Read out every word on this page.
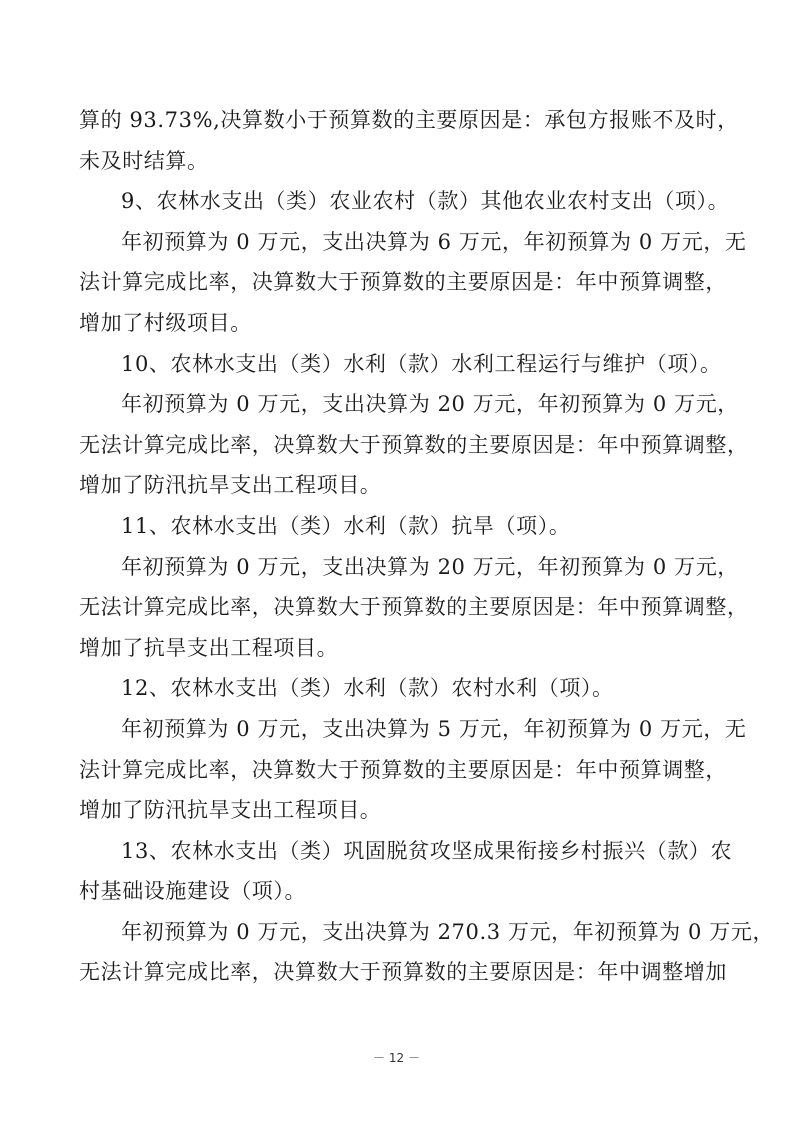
算的 93.73%,决算数小于预算数的主要原因是：承包方报账不及时，
未及时结算。
9、农林水支出（类）农业农村（款）其他农业农村支出（项）。
年初预算为 0 万元，支出决算为 6 万元，年初预算为 0 万元，无
法计算完成比率，决算数大于预算数的主要原因是：年中预算调整，
增加了村级项目。
10、农林水支出（类）水利（款）水利工程运行与维护（项）。
年初预算为 0 万元，支出决算为 20 万元，年初预算为 0 万元，
无法计算完成比率，决算数大于预算数的主要原因是：年中预算调整，
增加了防汛抗旱支出工程项目。
11、农林水支出（类）水利（款）抗旱（项）。
年初预算为 0 万元，支出决算为 20 万元，年初预算为 0 万元，
无法计算完成比率，决算数大于预算数的主要原因是：年中预算调整，
增加了抗旱支出工程项目。
12、农林水支出（类）水利（款）农村水利（项）。
年初预算为 0 万元，支出决算为 5 万元，年初预算为 0 万元，无
法计算完成比率，决算数大于预算数的主要原因是：年中预算调整，
增加了防汛抗旱支出工程项目。
13、农林水支出（类）巩固脱贫攻坚成果衔接乡村振兴（款）农
村基础设施建设（项）。
年初预算为 0 万元，支出决算为 270.3 万元，年初预算为 0 万元，
无法计算完成比率，决算数大于预算数的主要原因是：年中调整增加
－ 12 －
